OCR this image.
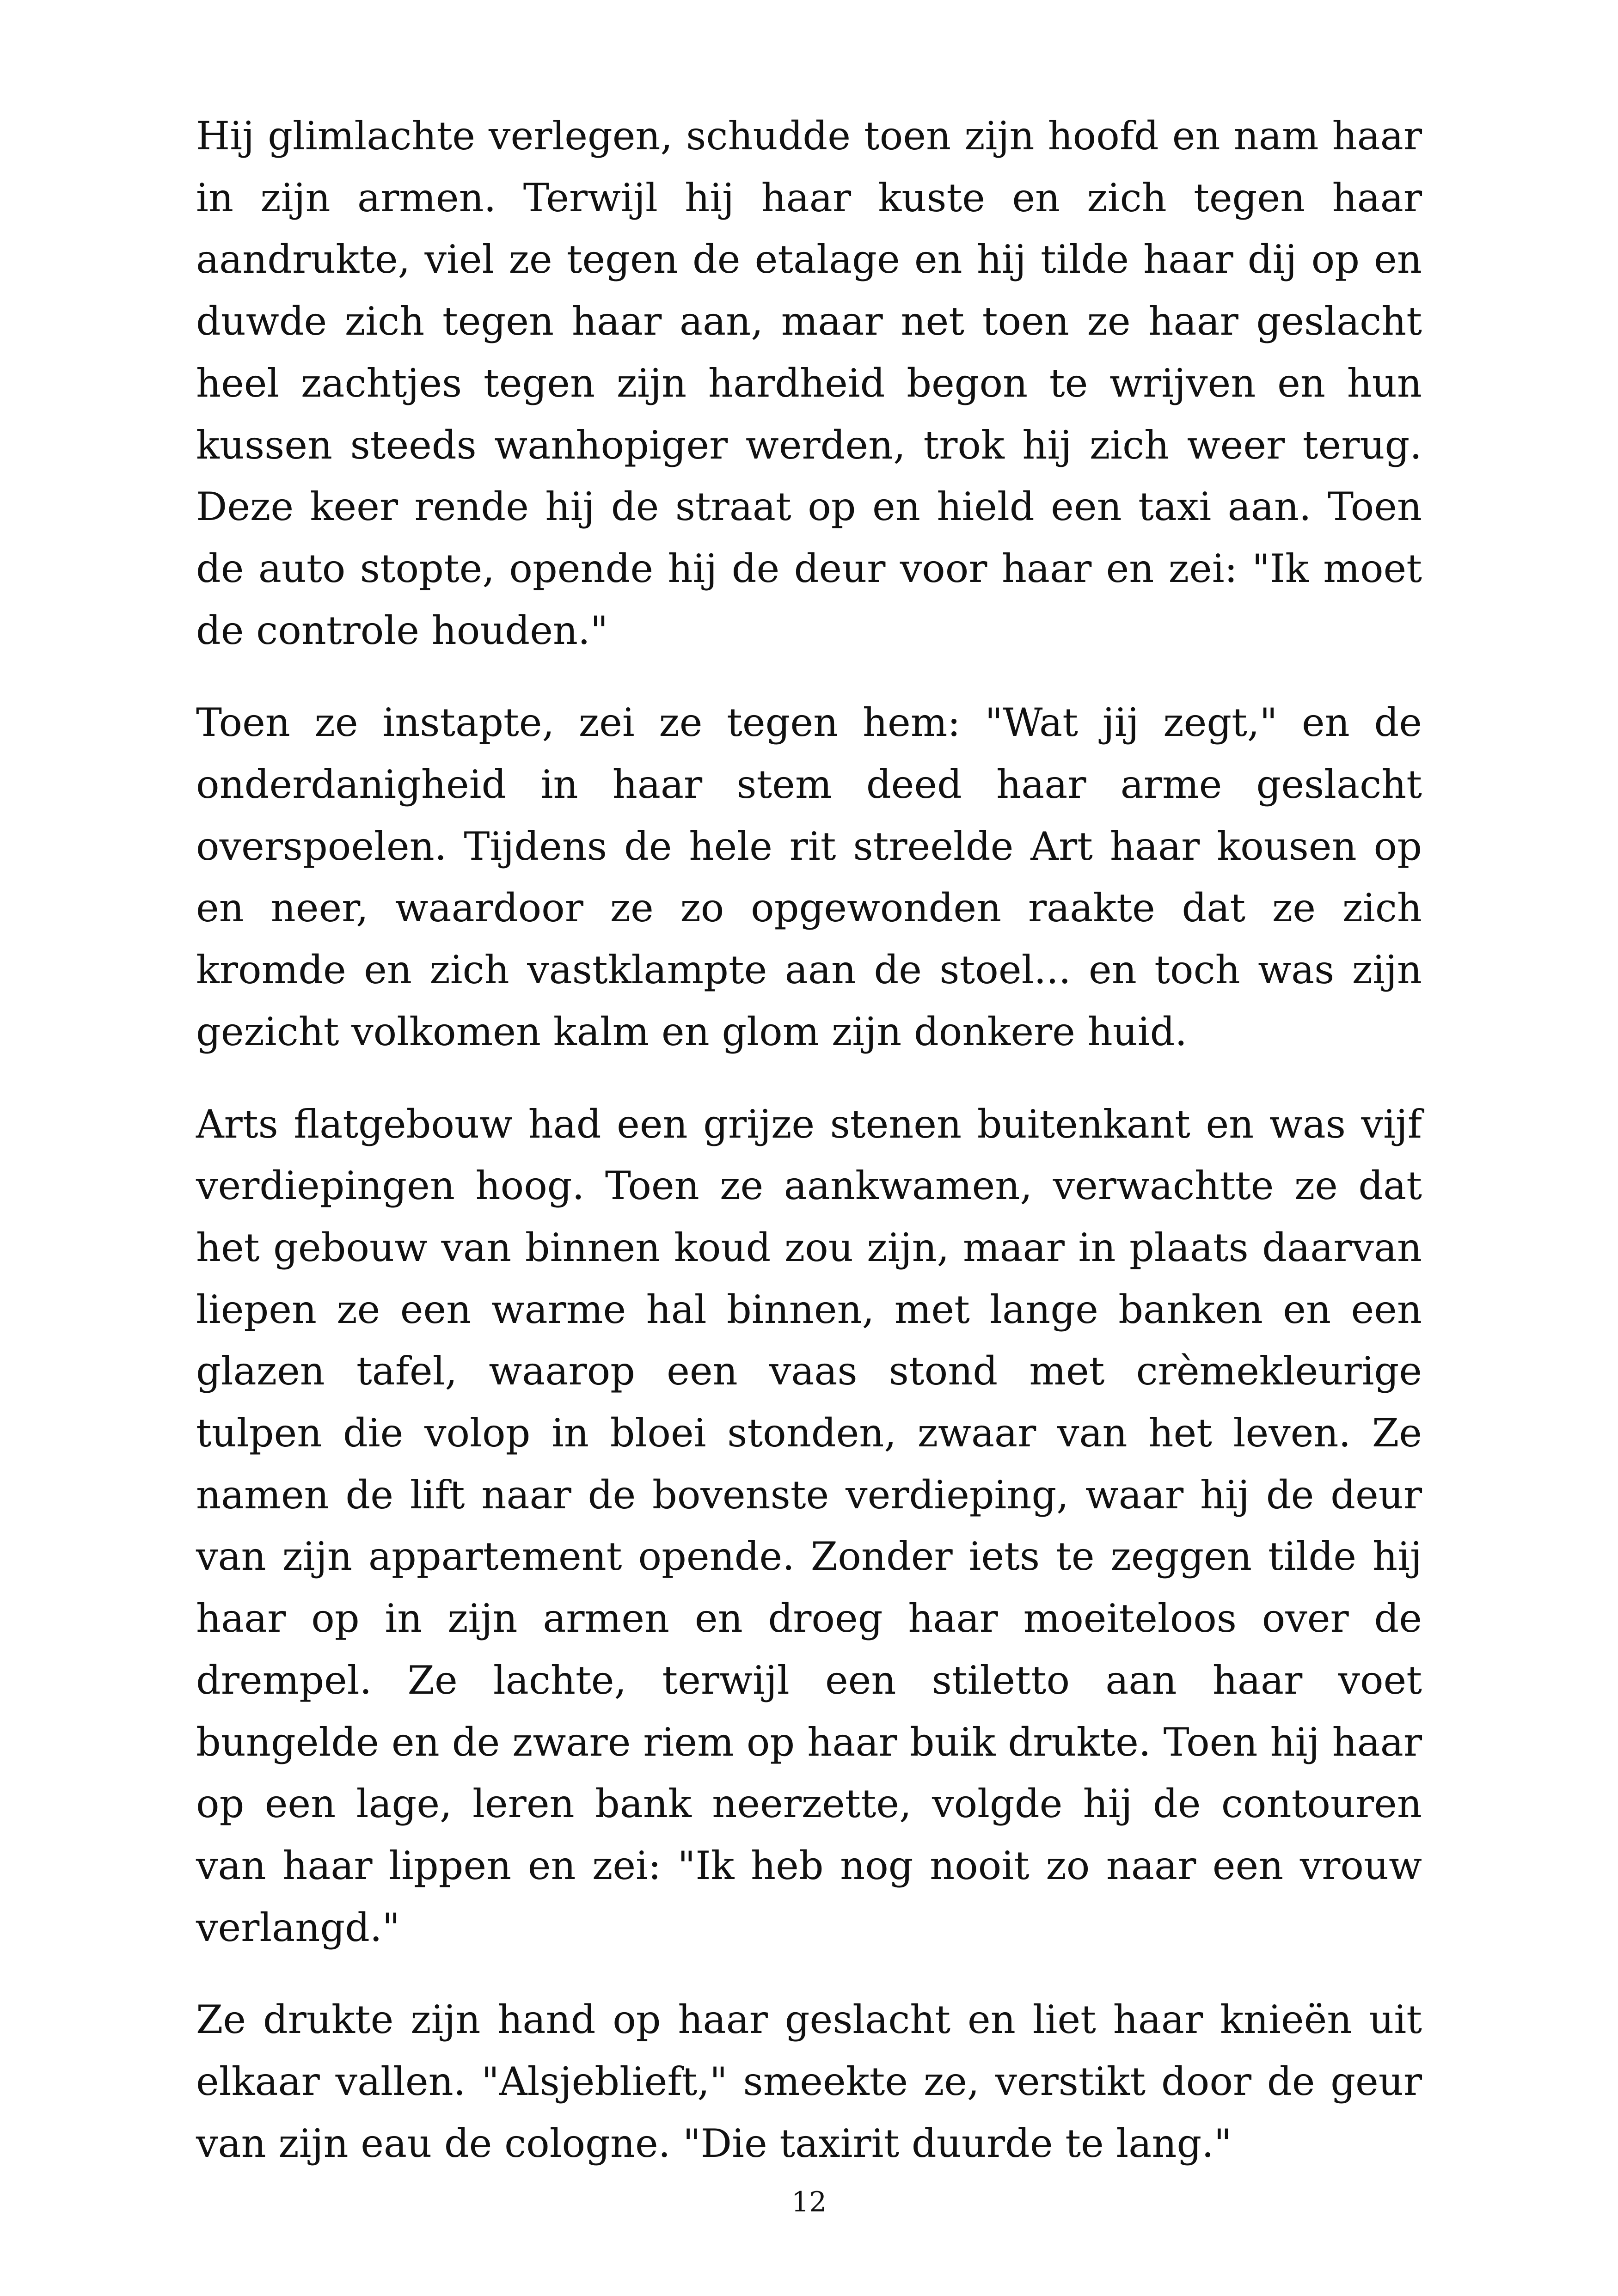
Hij glimlachte verlegen, schudde toen zijn hoofd en nam haar in zijn armen. Terwijl hij haar kuste en zich tegen haar aandrukte, viel ze tegen de etalage en hij tilde haar dij op en duwde zich tegen haar aan, maar net toen ze haar geslacht heel zachtjes tegen zijn hardheid begon te wrijven en hun kussen steeds wanhopiger werden, trok hij zich weer terug. Deze keer rende hij de straat op en hield een taxi aan. Toen de auto stopte, opende hij de deur voor haar en zei: "Ik moet de controle houden."

Toen ze instapte, zei ze tegen hem: "Wat jij zegt," en de onderdanigheid in haar stem deed haar arme geslacht overspoelen. Tijdens de hele rit streelde Art haar kousen op en neer, waardoor ze zo opgewonden raakte dat ze zich kromde en zich vastklampte aan de stoel... en toch was zijn gezicht volkomen kalm en glom zijn donkere huid.

Arts flatgebouw had een grijze stenen buitenkant en was vijf verdiepingen hoog. Toen ze aankwamen, verwachtte ze dat het gebouw van binnen koud zou zijn, maar in plaats daarvan liepen ze een warme hal binnen, met lange banken en een glazen tafel, waarop een vaas stond met crèmekleurige tulpen die volop in bloei stonden, zwaar van het leven. Ze namen de lift naar de bovenste verdieping, waar hij de deur van zijn appartement opende. Zonder iets te zeggen tilde hij haar op in zijn armen en droeg haar moeiteloos over de drempel. Ze lachte, terwijl een stiletto aan haar voet bungelde en de zware riem op haar buik drukte. Toen hij haar op een lage, leren bank neerzette, volgde hij de contouren van haar lippen en zei: "Ik heb nog nooit zo naar een vrouw verlangd."

Ze drukte zijn hand op haar geslacht en liet haar knieën uit elkaar vallen. "Alsjeblieft," smeekte ze, verstikt door de geur van zijn eau de cologne. "Die taxirit duurde te lang."

12
